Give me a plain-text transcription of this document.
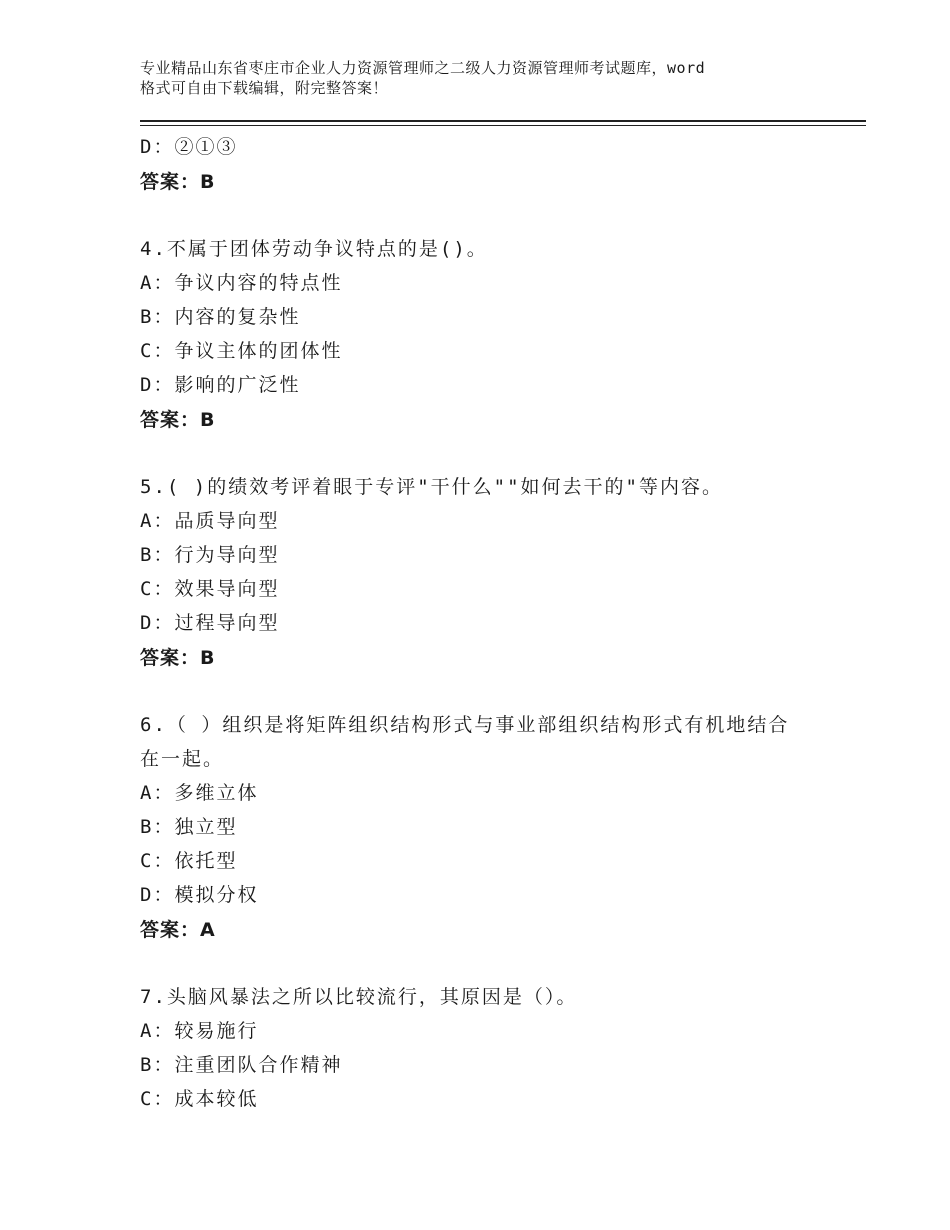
专业精品山东省枣庄市企业人力资源管理师之二级人力资源管理师考试题库，word
格式可自由下载编辑，附完整答案！
D：②①③
答案：B
4.不属于团体劳动争议特点的是()。
A：争议内容的特点性
B：内容的复杂性
C：争议主体的团体性
D：影响的广泛性
答案：B
5.( )的绩效考评着眼于专评"干什么""如何去干的"等内容。
A：品质导向型
B：行为导向型
C：效果导向型
D：过程导向型
答案：B
6.（ ）组织是将矩阵组织结构形式与事业部组织结构形式有机地结合
在一起。
A：多维立体
B：独立型
C：依托型
D：模拟分权
答案：A
7.头脑风暴法之所以比较流行，其原因是（）。
A：较易施行
B：注重团队合作精神
C：成本较低
